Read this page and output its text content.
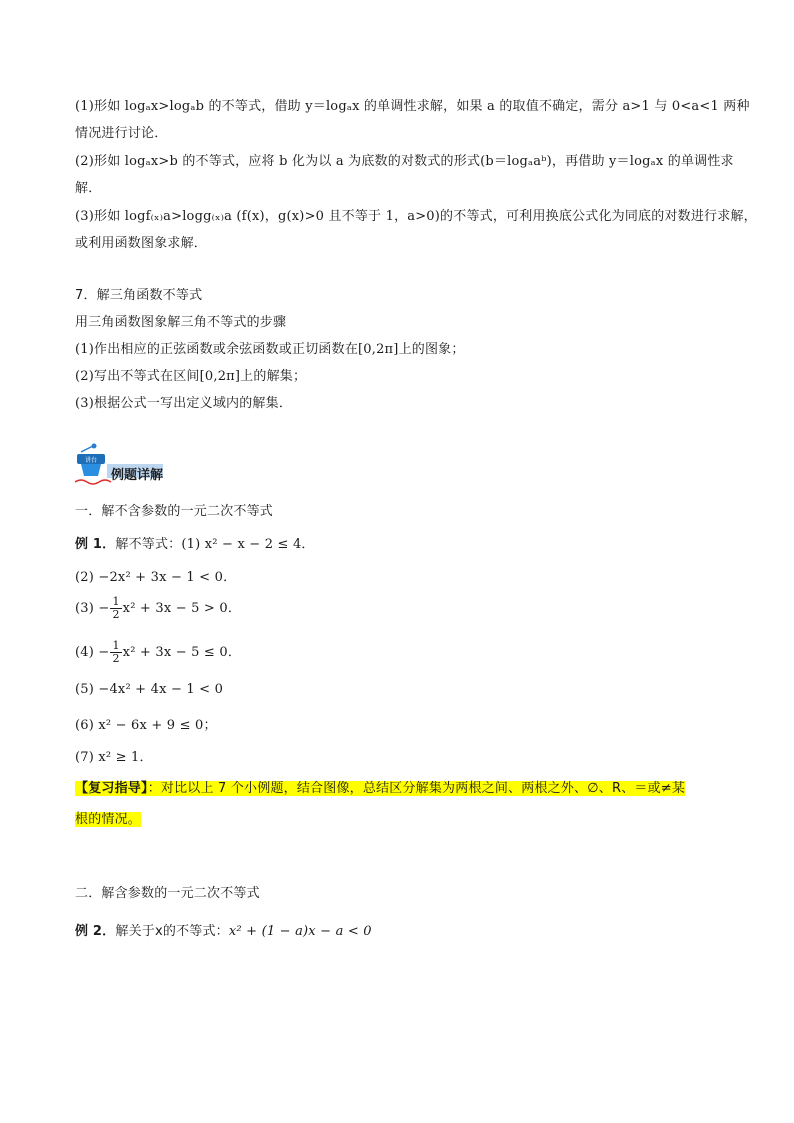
(1)形如 logₐx>logₐb 的不等式，借助 y＝logₐx 的单调性求解，如果 a 的取值不确定，需分 a>1 与 0<a<1 两种
情况进行讨论．
(2)形如 logₐx>b 的不等式，应将 b 化为以 a 为底数的对数式的形式(b＝logₐaᵇ)，再借助 y＝logₐx 的单调性求
解．
(3)形如 logf₍ₓ₎a>logg₍ₓ₎a (f(x)，g(x)>0 且不等于 1，a>0)的不等式，可利用换底公式化为同底的对数进行求解，
或利用函数图象求解．
7．解三角函数不等式
用三角函数图象解三角不等式的步骤
(1)作出相应的正弦函数或余弦函数或正切函数在[0,2π]上的图象；
(2)写出不等式在区间[0,2π]上的解集；
(3)根据公式一写出定义域内的解集．
讲台
例题详解
一．解不含参数的一元二次不等式
例 1．解不等式：(1) x² − x − 2 ≤ 4．
(2) −2x² + 3x − 1 < 0．
$(3) - \frac{1}{2} x^2 + 3x - 5 > 0$．
$(4) - \frac{1}{2} x^2 + 3x - 5 \le 0$．
(5) −4x² + 4x − 1 < 0
(6) x² − 6x + 9 ≤ 0；
(7) x² ≥ 1．
【复习指导】：对比以上 7 个小例题，结合图像，总结区分解集为两根之间、两根之外、∅、R、＝或≠某
根的情况。
二．解含参数的一元二次不等式
例 2．解关于x的不等式：x² + (1 − a)x − a < 0
